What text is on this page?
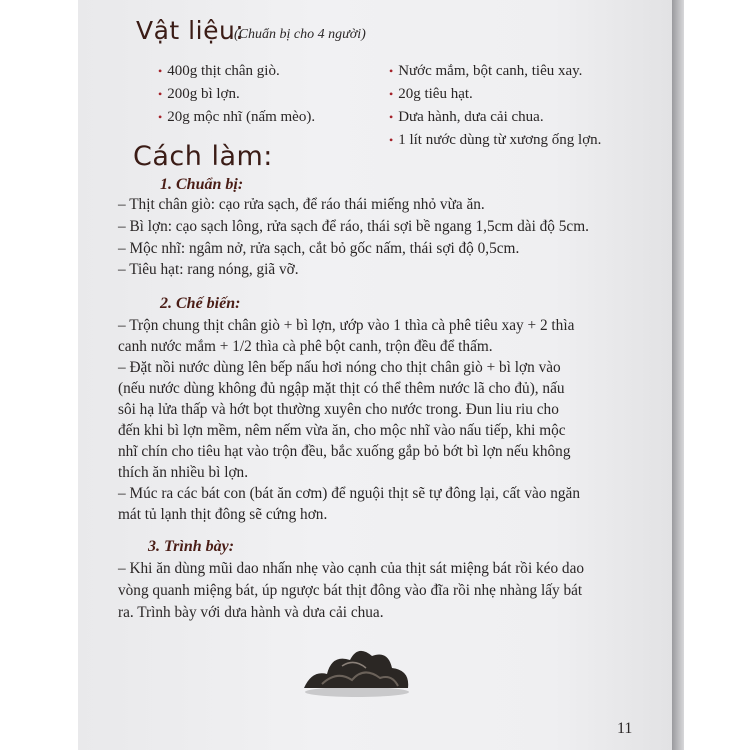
Vật liệu:
(Chuẩn bị cho 4 người)
• 400g thịt chân giò.
• 200g bì lợn.
• 20g mộc nhĩ (nấm mèo).
• Nước mắm, bột canh, tiêu xay.
• 20g tiêu hạt.
• Dưa hành, dưa cải chua.
• 1 lít nước dùng từ xương ống lợn.
Cách làm:
1. Chuẩn bị:
– Thịt chân giò: cạo rửa sạch, để ráo thái miếng nhỏ vừa ăn.
– Bì lợn: cạo sạch lông, rửa sạch để ráo, thái sợi bề ngang 1,5cm dài độ 5cm.
– Mộc nhĩ: ngâm nở, rửa sạch, cắt bỏ gốc nấm, thái sợi độ 0,5cm.
– Tiêu hạt: rang nóng, giã vỡ.
2. Chế biến:
– Trộn chung thịt chân giò + bì lợn, ướp vào 1 thìa cà phê tiêu xay + 2 thìa
canh nước mắm + 1/2 thìa cà phê bột canh, trộn đều để thấm.
– Đặt nồi nước dùng lên bếp nấu hơi nóng cho thịt chân giò + bì lợn vào
(nếu nước dùng không đủ ngập mặt thịt có thể thêm nước lã cho đủ), nấu
sôi hạ lửa thấp và hớt bọt thường xuyên cho nước trong. Đun liu riu cho
đến khi bì lợn mềm, nêm nếm vừa ăn, cho mộc nhĩ vào nấu tiếp, khi mộc
nhĩ chín cho tiêu hạt vào trộn đều, bắc xuống gắp bỏ bớt bì lợn nếu không
thích ăn nhiều bì lợn.
– Múc ra các bát con (bát ăn cơm) để nguội thịt sẽ tự đông lại, cất vào ngăn
mát tủ lạnh thịt đông sẽ cứng hơn.
3. Trình bày:
– Khi ăn dùng mũi dao nhấn nhẹ vào cạnh của thịt sát miệng bát rồi kéo dao
vòng quanh miệng bát, úp ngược bát thịt đông vào đĩa rồi nhẹ nhàng lấy bát
ra. Trình bày với dưa hành và dưa cải chua.
11
